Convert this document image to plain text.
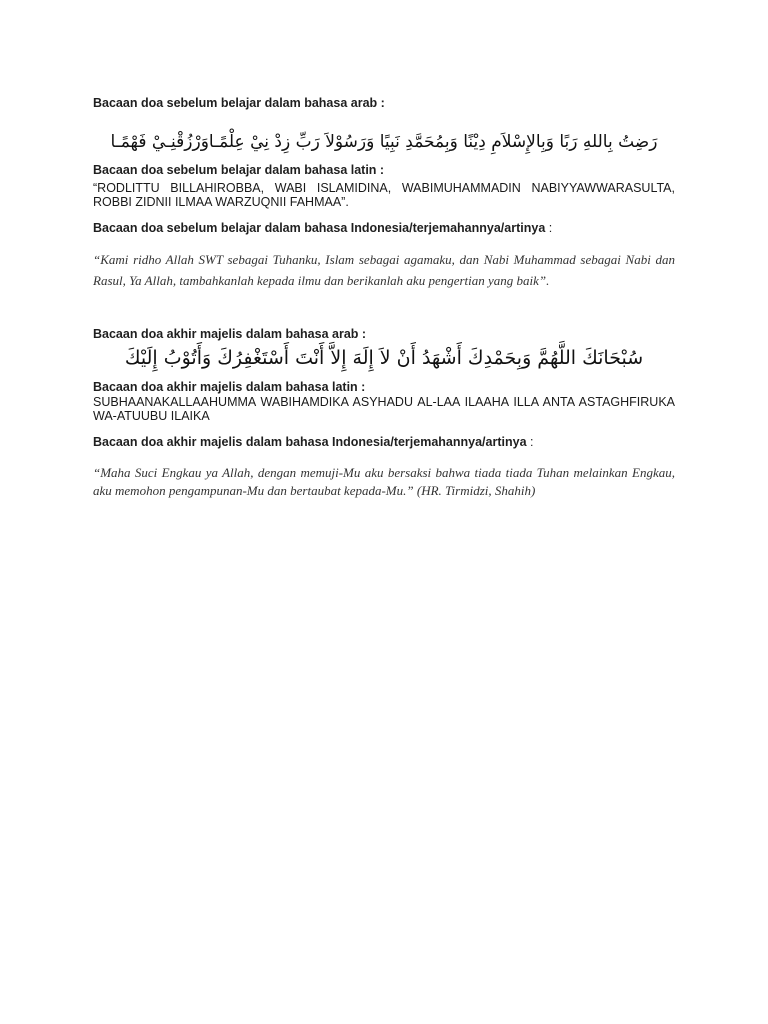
Bacaan doa sebelum belajar dalam bahasa arab :

رَضِتُ بِاللهِ رَبًا وَبِالإِسْلاَمِ دِيْنًا وَبِمُحَمَّدِ نَبِيًا وَرَسُوْلاَ رَبِّ زِدْ نِيْ عِلْمًـاوَرْزُقْنِـيْ فَهْمًـا

Bacaan doa sebelum belajar dalam bahasa latin :

“RODLITTU BILLAHIROBBA, WABI ISLAMIDINA, WABIMUHAMMADIN NABIYYAWWARASULTA, ROBBI ZIDNII ILMAA WARZUQNII FAHMAA”.

Bacaan doa sebelum belajar dalam bahasa Indonesia/terjemahannya/artinya :

“Kami ridho Allah SWT sebagai Tuhanku, Islam sebagai agamaku, dan Nabi Muhammad sebagai Nabi dan Rasul, Ya Allah, tambahkanlah kepada ilmu dan berikanlah aku pengertian yang baik”.

Bacaan doa akhir majelis dalam bahasa arab :

سُبْحَانَكَ اللَّهُمَّ وَبِحَمْدِكَ أَشْهَدُ أَنْ لاَ إِلَهَ إِلاَّ أَنْتَ أَسْتَغْفِرُكَ وَأَتُوْبُ إِلَيْكَ

Bacaan doa akhir majelis dalam bahasa latin :

SUBHAANAKALLAAHUMMA WABIHAMDIKA ASYHADU AL-LAA ILAAHA ILLA ANTA ASTAGHFIRUKA WA-ATUUBU ILAIKA

Bacaan doa akhir majelis dalam bahasa Indonesia/terjemahannya/artinya :

“Maha Suci Engkau ya Allah, dengan memuji-Mu aku bersaksi bahwa tiada tiada Tuhan melainkan Engkau, aku memohon pengampunan-Mu dan bertaubat kepada-Mu.” (HR. Tirmidzi, Shahih)
